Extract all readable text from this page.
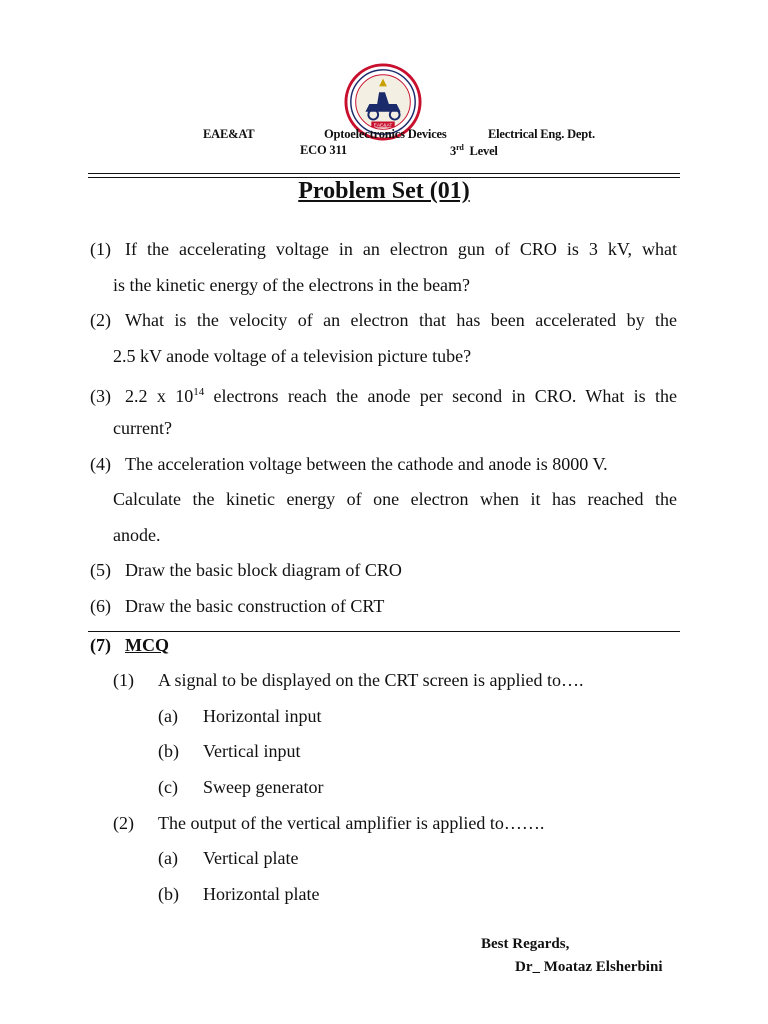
EAE&AT
EAE&AT	Optoelectronics Devices	Electrical Eng. Dept.
ECO 311	3rd Level
Problem Set (01)

(1) If the accelerating voltage in an electron gun of CRO is 3 kV, what

is the kinetic energy of the electrons in the beam?

(2) What is the velocity of an electron that has been accelerated by the

2.5 kV anode voltage of a television picture tube?

(3) 2.2 x $10^{14}$ electrons reach the anode per second in CRO. What is the

current?

(4) The acceleration voltage between the cathode and anode is 8000 V.

Calculate the kinetic energy of one electron when it has reached the

anode.

(5) Draw the basic block diagram of CRO

(6) Draw the basic construction of CRT

(7) MCQ
(1) A signal to be displayed on the CRT screen is applied to….
(a) Horizontal input
(b) Vertical input
(c) Sweep generator
(2) The output of the vertical amplifier is applied to…….
(a) Vertical plate
(b) Horizontal plate
Best Regards,
Dr_ Moataz Elsherbini
